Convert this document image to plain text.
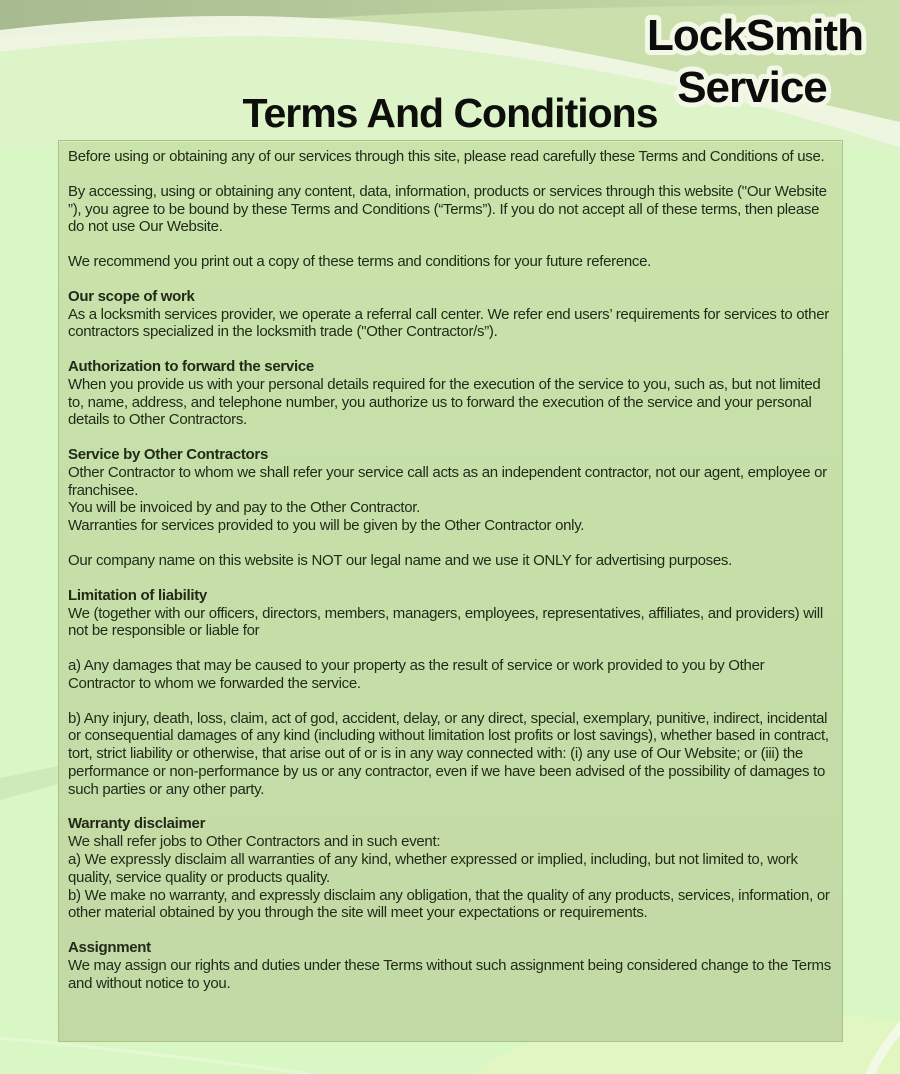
LockSmith
Service
Terms And Conditions
Before using or obtaining any of our services through this site, please read carefully these Terms and Conditions of use.
By accessing, using or obtaining any content, data, information, products or services through this website ("Our Website ”), you agree to be bound by these Terms and Conditions (“Terms”). If you do not accept all of these terms, then please do not use Our Website.
We recommend you print out a copy of these terms and conditions for your future reference.
Our scope of work
As a locksmith services provider, we operate a referral call center. We refer end users’ requirements for services to other contractors specialized in the locksmith trade ("Other Contractor/s”).
Authorization to forward the service
When you provide us with your personal details required for the execution of the service to you, such as, but not limited to, name, address, and telephone number, you authorize us to forward the execution of the service and your personal details to Other Contractors.
Service by Other Contractors
Other Contractor to whom we shall refer your service call acts as an independent contractor, not our agent, employee or franchisee.
You will be invoiced by and pay to the Other Contractor.
Warranties for services provided to you will be given by the Other Contractor only.
Our company name on this website is NOT our legal name and we use it ONLY for advertising purposes.
Limitation of liability
We (together with our officers, directors, members, managers, employees, representatives, affiliates, and providers) will not be responsible or liable for
a) Any damages that may be caused to your property as the result of service or work provided to you by Other Contractor to whom we forwarded the service.
b) Any injury, death, loss, claim, act of god, accident, delay, or any direct, special, exemplary, punitive, indirect, incidental or consequential damages of any kind (including without limitation lost profits or lost savings), whether based in contract, tort, strict liability or otherwise, that arise out of or is in any way connected with: (i) any use of Our Website; or (iii) the performance or non-performance by us or any contractor, even if we have been advised of the possibility of damages to such parties or any other party.
Warranty disclaimer
We shall refer jobs to Other Contractors and in such event:
a) We expressly disclaim all warranties of any kind, whether expressed or implied, including, but not limited to, work quality, service quality or products quality.
b) We make no warranty, and expressly disclaim any obligation, that the quality of any products, services, information, or other material obtained by you through the site will meet your expectations or requirements.
Assignment
We may assign our rights and duties under these Terms without such assignment being considered change to the Terms and without notice to you.
